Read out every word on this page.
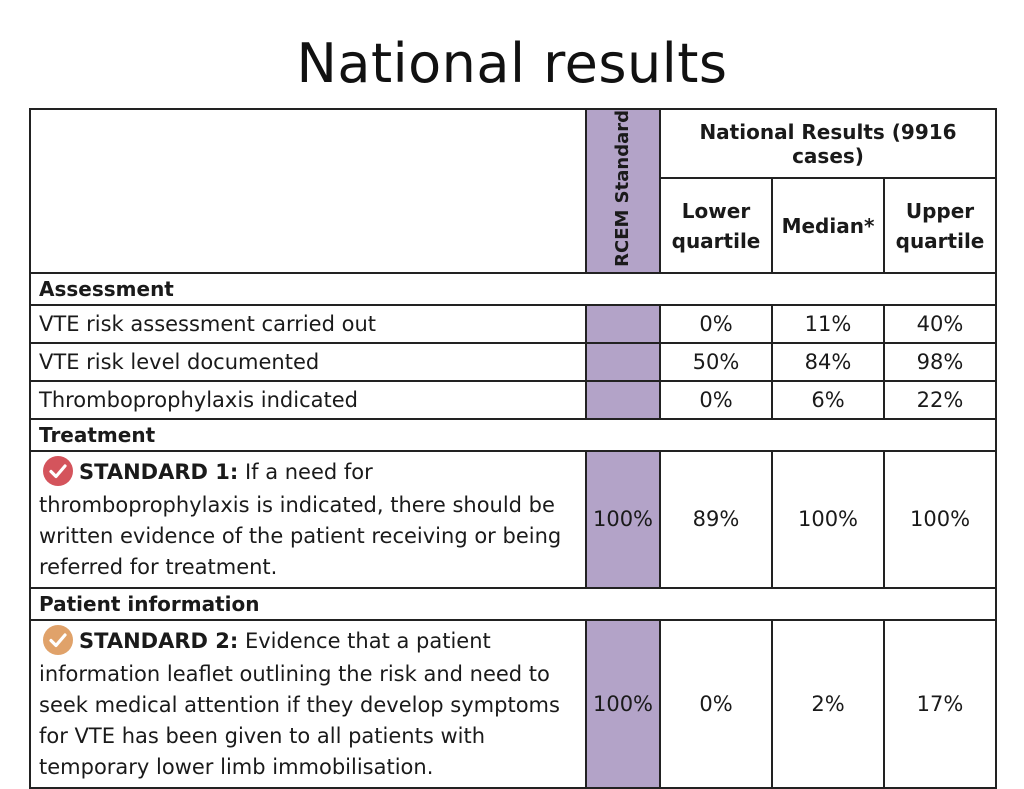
National results
	RCEM Standard	National Results (9916 cases)		
		Lower quartile	Median*	Upper quartile
Assessment				
VTE risk assessment carried out		0%	11%	40%
VTE risk level documented		50%	84%	98%
Thromboprophylaxis indicated		0%	6%	22%
Treatment				

STANDARD 1: If a need for thromboprophylaxis is indicated, there should be written evidence of the patient receiving or being referred for treatment.	100%	89%	100%	100%
Patient information				

STANDARD 2: Evidence that a patient information leaflet outlining the risk and need to seek medical attention if they develop symptoms for VTE has been given to all patients with temporary lower limb immobilisation.	100%	0%	2%	17%
